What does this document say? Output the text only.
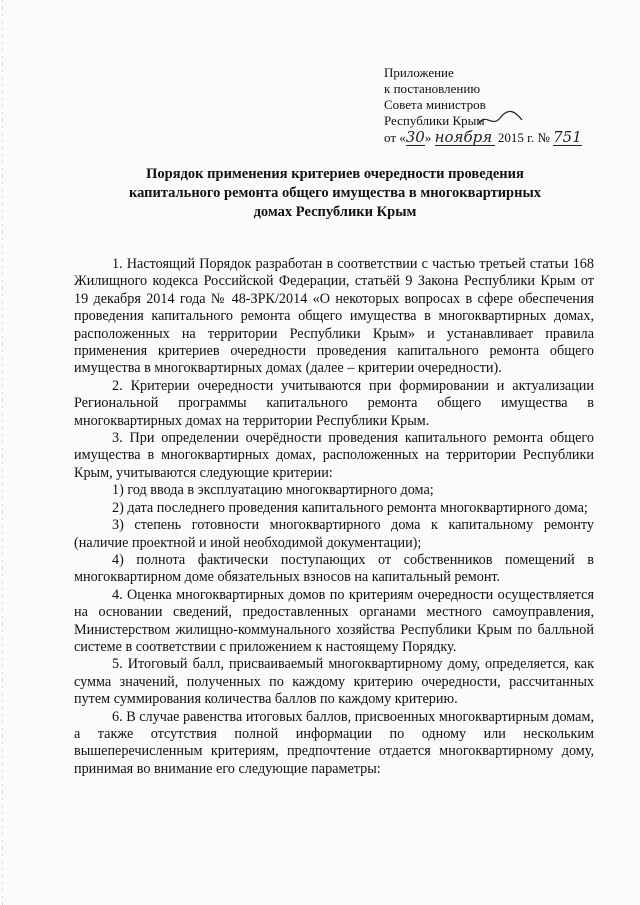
Приложение
к постановлению
Совета министров
Республики Крым
от «30» ноября 2015 г. № 751
Порядок применения критериев очередности проведения
капитального ремонта общего имущества в многоквартирных
домах Республики Крым

1. Настоящий Порядок разработан в соответствии с частью третьей статьи 168 Жилищного кодекса Российской Федерации, статьёй 9 Закона Республики Крым от 19 декабря 2014 года № 48-ЗРК/2014 «О некоторых вопросах в сфере обеспечения проведения капитального ремонта общего имущества в многоквартирных домах, расположенных на территории Республики Крым» и устанавливает правила применения критериев очередности проведения капитального ремонта общего имущества в многоквартирных домах (далее – критерии очередности).

2. Критерии очередности учитываются при формировании и актуализации Региональной программы капитального ремонта общего имущества в многоквартирных домах на территории Республики Крым.

3. При определении очерёдности проведения капитального ремонта общего имущества в многоквартирных домах, расположенных на территории Республики Крым, учитываются следующие критерии:

1) год ввода в эксплуатацию многоквартирного дома;

2) дата последнего проведения капитального ремонта многоквартирного дома;

3) степень готовности многоквартирного дома к капитальному ремонту (наличие проектной и иной необходимой документации);

4) полнота фактически поступающих от собственников помещений в многоквартирном доме обязательных взносов на капитальный ремонт.

4. Оценка многоквартирных домов по критериям очередности осуществляется на основании сведений, предоставленных органами местного самоуправления, Министерством жилищно-коммунального хозяйства Республики Крым по балльной системе в соответствии с приложением к настоящему Порядку.

5. Итоговый балл, присваиваемый многоквартирному дому, определяется, как сумма значений, полученных по каждому критерию очередности, рассчитанных путем суммирования количества баллов по каждому критерию.

6. В случае равенства итоговых баллов, присвоенных многоквартирным домам, а также отсутствия полной информации по одному или нескольким вышеперечисленным критериям, предпочтение отдается многоквартирному дому, принимая во внимание его следующие параметры:
